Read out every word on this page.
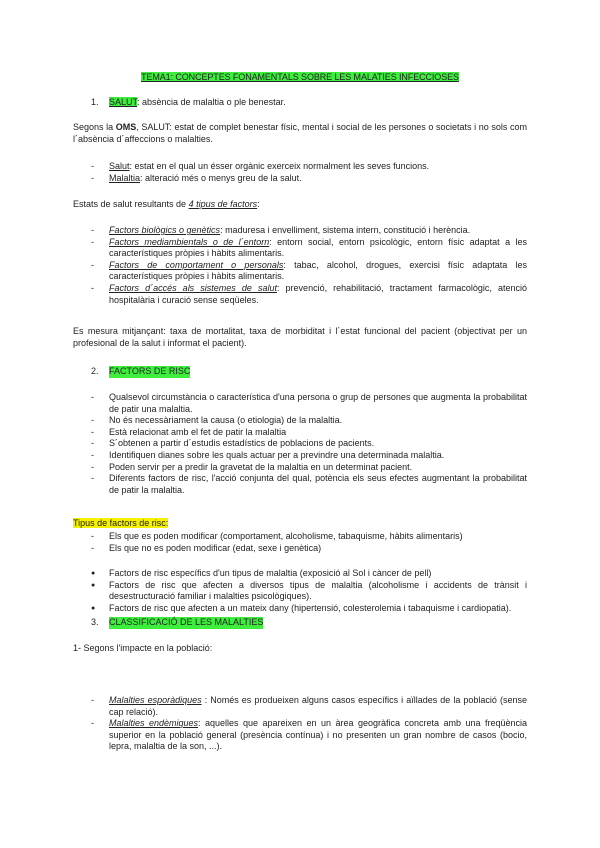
TEMA1: CONCEPTES FONAMENTALS SOBRE LES MALATIES INFECCIOSES
1. SALUT: absència de malaltia o ple benestar.

Segons la OMS, SALUT: estat de complet benestar físic, mental i social de les persones o societats i no sols com l´absència d´affeccions o malalties.

- Salut: estat en el qual un ésser orgànic exerceix normalment les seves funcions.
- Malaltia: alteració més o menys greu de la salut.

Estats de salut resultants de 4 tipus de factors:

- Factors biològics o genètics: maduresa i envelliment, sistema intern, constitució i herència.
- Factors mediambientals o de l´entorn: entorn social, entorn psicològic, entorn físic adaptat a les característiques pròpies i hàbits alimentaris.
- Factors de comportament o personals: tabac, alcohol, drogues, exercisi físic adaptata les característiques pròpies i hàbits alimentaris.
- Factors d´accés als sistemes de salut: prevenció, rehabilitació, tractament farmacològic, atenció hospitalària i curació sense seqüeles.

Es mesura mitjançant: taxa de mortalitat, taxa de morbiditat i l´estat funcional del pacient (objectivat per un profesional de la salut i informat el pacient).

2. FACTORS DE RISC
- Qualsevol circumstància o característica d'una persona o grup de persones que augmenta la probabilitat de patir una malaltia.
- No és necessàriament la causa (o etiologia) de la malaltia.
- Està relacionat amb el fet de patir la malaltia
- S´obtenen a partir d´estudis estadístics de poblacions de pacients.
- Identifiquen dianes sobre les quals actuar per a previndre una determinada malaltia.
- Poden servir per a predir la gravetat de la malaltia en un determinat pacient.
- Diferents factors de risc, l'acció conjunta del qual, potència els seus efectes augmentant la probabilitat de patir la malaltia.

Tipus de factors de risc:

- Els que es poden modificar (comportament, alcoholisme, tabaquisme, hàbits alimentaris)
- Els que no es poden modificar (edat, sexe i genètica)
● Factors de risc específics d'un tipus de malaltia (exposició al Sol i càncer de pell)
● Factors de risc que afecten a diversos tipus de malaltia (alcoholisme i accidents de trànsit i desestructuració familiar i malalties psicològiques).
● Factors de risc que afecten a un mateix dany (hipertensió, colesterolemia i tabaquisme i cardiopatia).
3. CLASSIFICACIÓ DE LES MALALTIES

1- Segons l'impacte en la població:

- Malalties esporàdiques : Només es produeixen alguns casos específics i aïllades de la població (sense cap relació).
- Malalties endèmiques: aquelles que apareixen en un àrea geogràfica concreta amb una freqüència superior en la població general (presència contínua) i no presenten un gran nombre de casos (bocio, lepra, malaltia de la son, ...).
